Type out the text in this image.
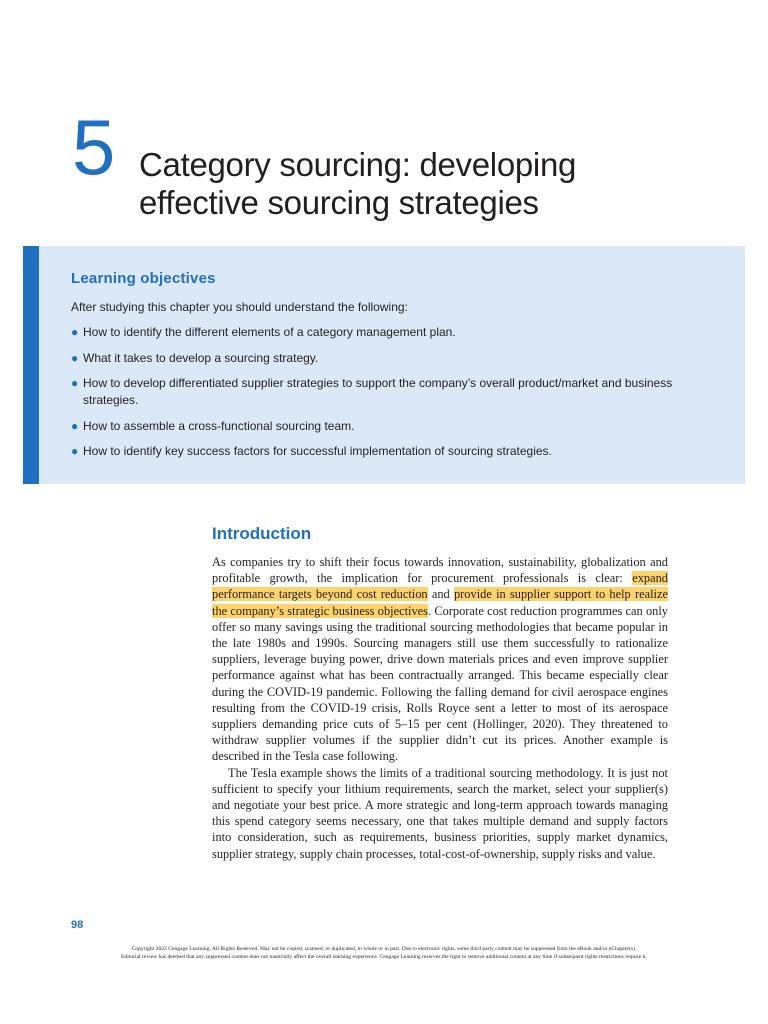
5 Category sourcing: developing effective sourcing strategies
Learning objectives
After studying this chapter you should understand the following:
● How to identify the different elements of a category management plan.
● What it takes to develop a sourcing strategy.
● How to develop differentiated supplier strategies to support the company’s overall product/market and business strategies.
● How to assemble a cross-functional sourcing team.
● How to identify key success factors for successful implementation of sourcing strategies.
Introduction

As companies try to shift their focus towards innovation, sustainability, globalization and profitable growth, the implication for procurement professionals is clear: expand performance targets beyond cost reduction and provide in supplier support to help realize the company’s strategic business objectives. Corporate cost reduction programmes can only offer so many savings using the traditional sourcing methodologies that became popular in the late 1980s and 1990s. Sourcing managers still use them successfully to rationalize suppliers, leverage buying power, drive down materials prices and even improve supplier performance against what has been contractually arranged. This became especially clear during the COVID-19 pandemic. Following the falling demand for civil aerospace engines resulting from the COVID-19 crisis, Rolls Royce sent a letter to most of its aerospace suppliers demanding price cuts of 5–15 per cent (Hollinger, 2020). They threatened to withdraw supplier volumes if the supplier didn’t cut its prices. Another example is described in the Tesla case following.

The Tesla example shows the limits of a traditional sourcing methodology. It is just not sufficient to specify your lithium requirements, search the market, select your supplier(s) and negotiate your best price. A more strategic and long-term approach towards managing this spend category seems necessary, one that takes multiple demand and supply factors into consideration, such as requirements, business priorities, supply market dynamics, supplier strategy, supply chain processes, total-cost-of-ownership, supply risks and value.

98
Copyright 2022 Cengage Learning. All Rights Reserved. May not be copied, scanned, or duplicated, in whole or in part. Due to electronic rights, some third party content may be suppressed from the eBook and/or eChapter(s).
Editorial review has deemed that any suppressed content does not materially affect the overall learning experience. Cengage Learning reserves the right to remove additional content at any time if subsequent rights restrictions require it.
